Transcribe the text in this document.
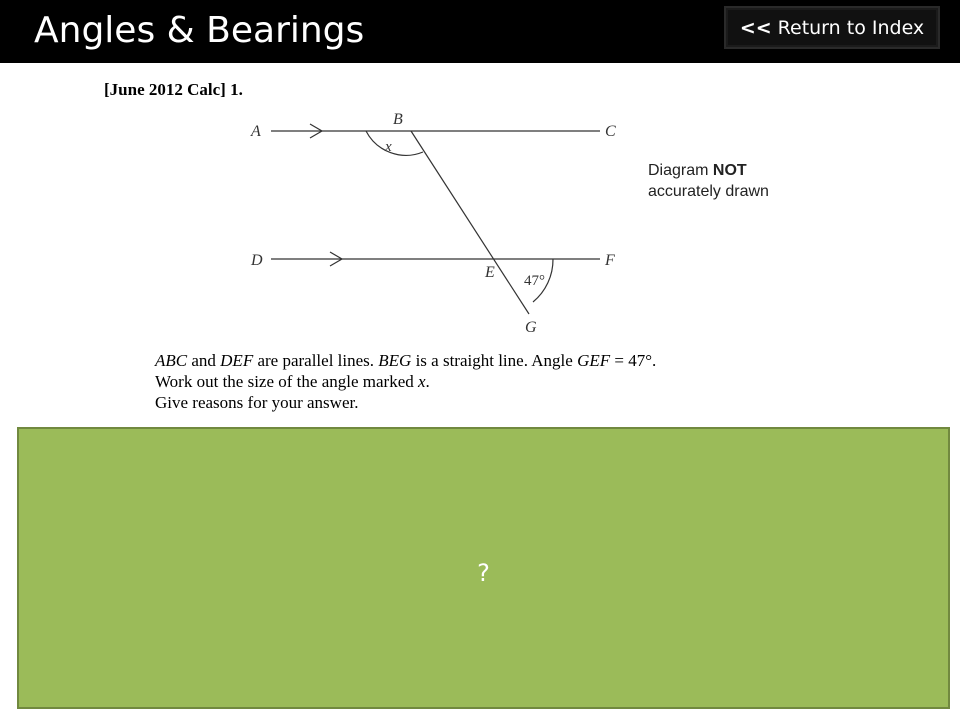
Angles & Bearings	<< Return to Index
[June 2012 Calc] 1.
A
B
C
D
E
F
G
x
47°
Diagram NOT
accurately drawn
ABC and DEF are parallel lines. BEG is a straight line. Angle GEF = 47°.
Work out the size of the angle marked x.
Give reasons for your answer.
?
